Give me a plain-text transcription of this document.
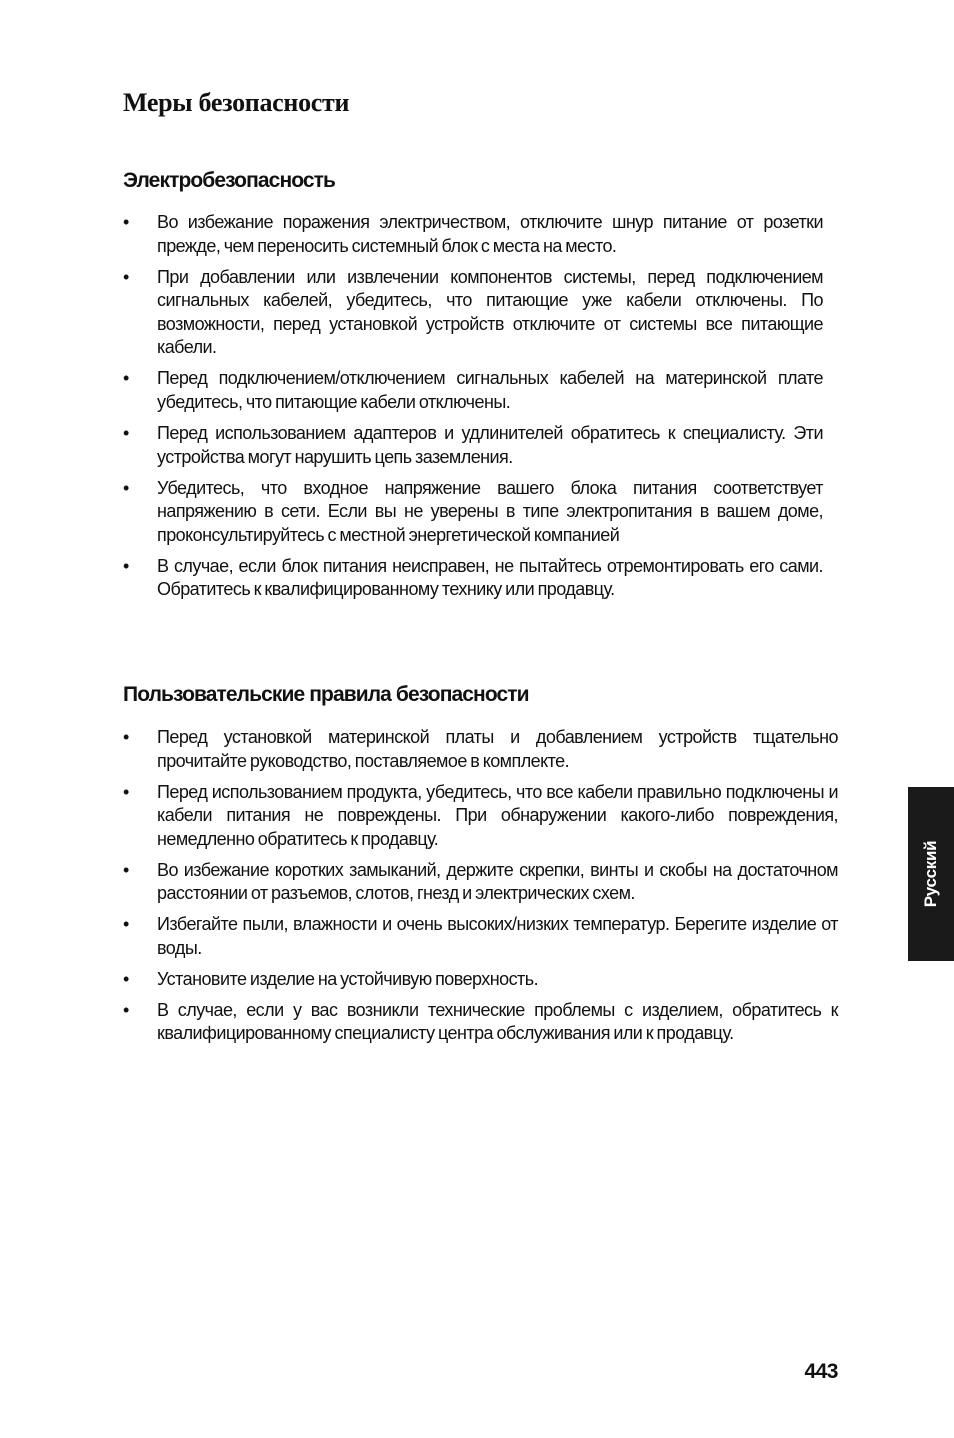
Меры безопасности
Электробезопасность
• Во избежание поражения электричеством, отключите шнур питание от розетки прежде, чем переносить системный блок с места на место.
• При добавлении или извлечении компонентов системы, перед подключением сигнальных кабелей, убедитесь, что питающие уже кабели отключены. По возможности, перед установкой устройств отключите от системы все питающие кабели.
• Перед подключением/отключением сигнальных кабелей на материнской плате убедитесь, что питающие кабели отключены.
• Перед использованием адаптеров и удлинителей обратитесь к специалисту. Эти устройства могут нарушить цепь заземления.
• Убедитесь, что входное напряжение вашего блока питания соответствует напряжению в сети. Если вы не уверены в типе электропитания в вашем доме, проконсультируйтесь с местной энергетической компанией
• В случае, если блок питания неисправен, не пытайтесь отремонтировать его сами. Обратитесь к квалифицированному технику или продавцу.
Пользовательские правила безопасности
• Перед установкой материнской платы и добавлением устройств тщательно прочитайте руководство, поставляемое в комплекте.
• Перед использованием продукта, убедитесь, что все кабели правильно подключены и кабели питания не повреждены. При обнаружении какого-либо повреждения, немедленно обратитесь к продавцу.
• Во избежание коротких замыканий, держите скрепки, винты и скобы на достаточном расстоянии от разъемов, слотов, гнезд и электрических схем.
• Избегайте пыли, влажности и очень высоких/низких температур. Берегите изделие от воды.
• Установите изделие на устойчивую поверхность.
• В случае, если у вас возникли технические проблемы с изделием, обратитесь к квалифицированному специалисту центра обслуживания или к продавцу.
Русский

443
